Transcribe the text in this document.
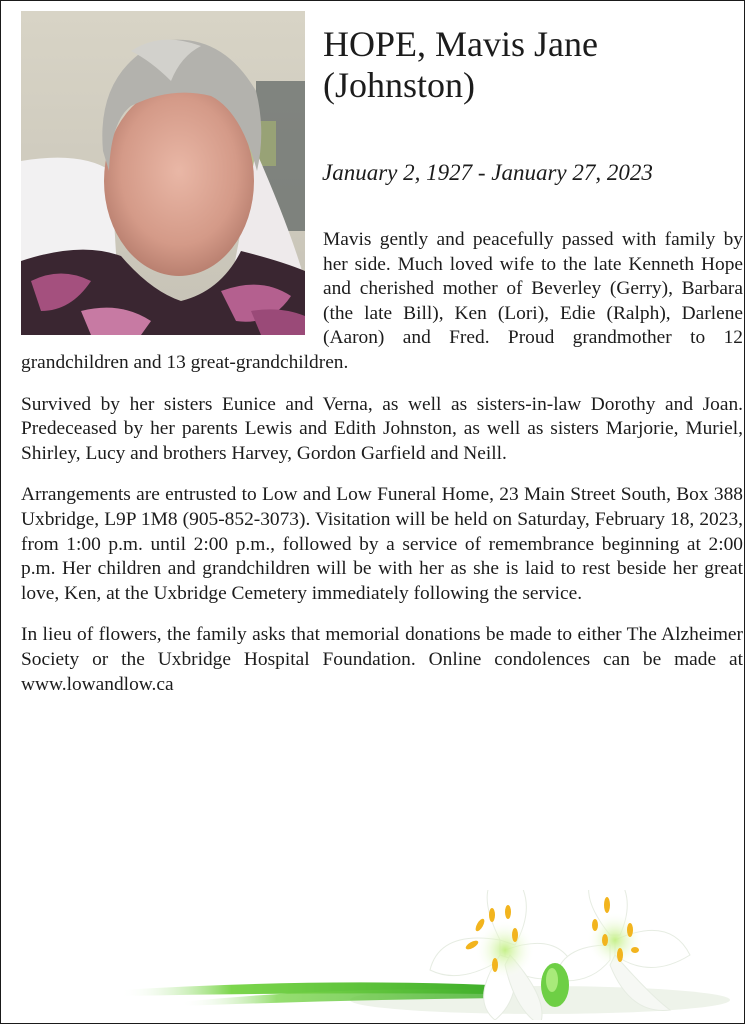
HOPE, Mavis Jane
(Johnston)
January 2, 1927 - January 27, 2023

Mavis gently and peacefully passed with family by her side. Much loved wife to the late Kenneth Hope and cherished mother of Beverley (Gerry), Barbara (the late Bill), Ken (Lori), Edie (Ralph), Darlene (Aaron) and Fred. Proud grandmother to 12 grandchildren and 13 great-grandchildren.

Survived by her sisters Eunice and Verna, as well as sisters-in-law Dorothy and Joan. Predeceased by her parents Lewis and Edith Johnston, as well as sisters Marjorie, Muriel, Shirley, Lucy and brothers Harvey, Gordon Garfield and Neill.

Arrangements are entrusted to Low and Low Funeral Home, 23 Main Street South, Box 388 Uxbridge, L9P 1M8 (905-852-3073). Visitation will be held on Saturday, February 18, 2023, from 1:00 p.m. until 2:00 p.m., followed by a service of remembrance beginning at 2:00 p.m. Her children and grandchildren will be with her as she is laid to rest beside her great love, Ken, at the Uxbridge Cemetery immediately following the service.

In lieu of flowers, the family asks that memorial donations be made to either The Alzheimer Society or the Uxbridge Hospital Foundation. Online condolences can be made at www.lowandlow.ca
